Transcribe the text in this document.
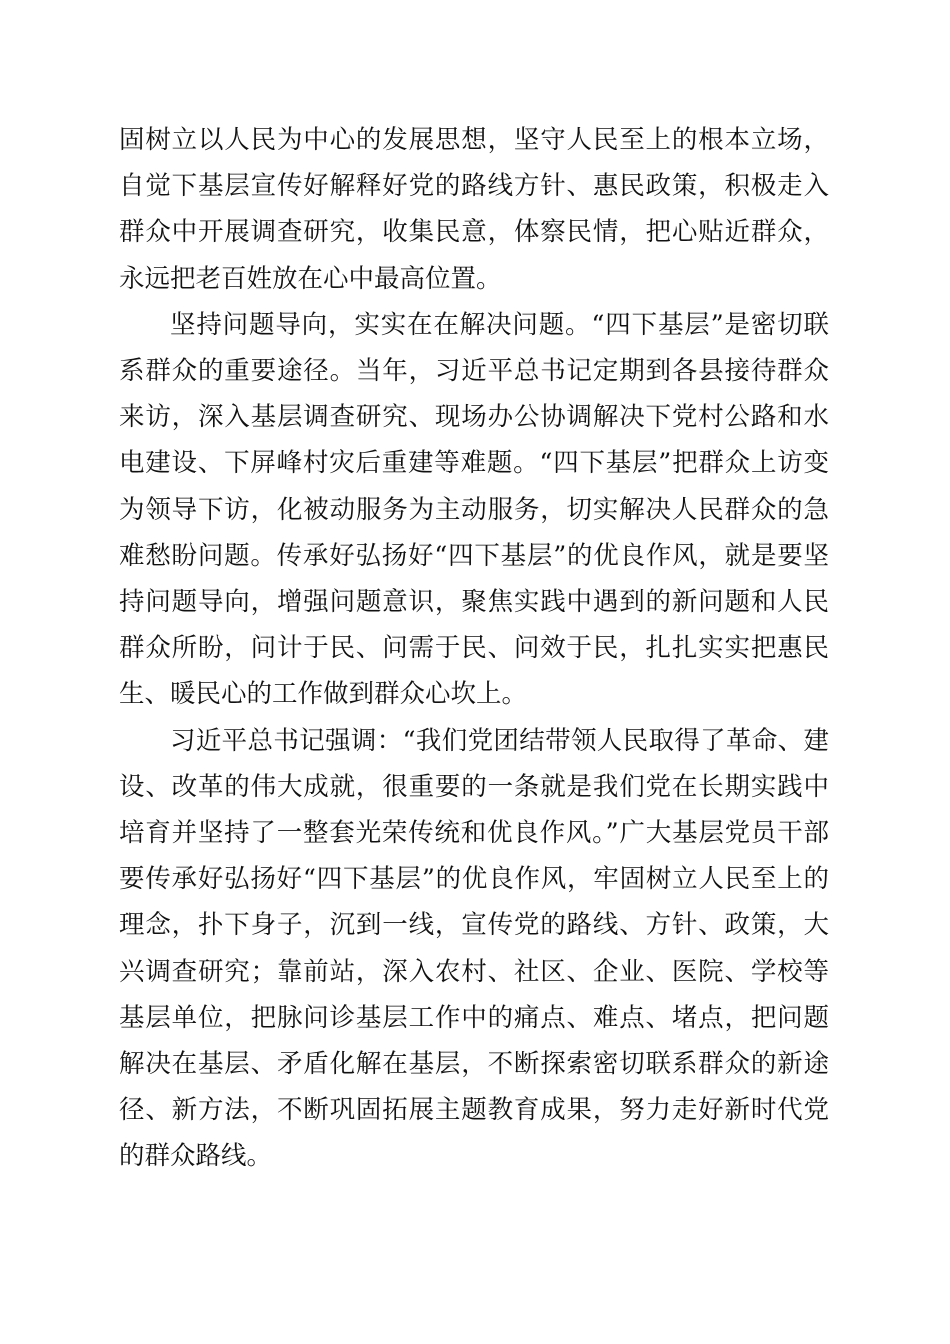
固树立以人民为中心的发展思想，坚守人民至上的根本立场，自觉下基层宣传好解释好党的路线方针、惠民政策，积极走入群众中开展调查研究，收集民意，体察民情，把心贴近群众，永远把老百姓放在心中最高位置。

坚持问题导向，实实在在解决问题。“四下基层”是密切联系群众的重要途径。当年，习近平总书记定期到各县接待群众来访，深入基层调查研究、现场办公协调解决下党村公路和水电建设、下屏峰村灾后重建等难题。“四下基层”把群众上访变为领导下访，化被动服务为主动服务，切实解决人民群众的急难愁盼问题。传承好弘扬好“四下基层”的优良作风，就是要坚持问题导向，增强问题意识，聚焦实践中遇到的新问题和人民群众所盼，问计于民、问需于民、问效于民，扎扎实实把惠民生、暖民心的工作做到群众心坎上。

习近平总书记强调：“我们党团结带领人民取得了革命、建设、改革的伟大成就，很重要的一条就是我们党在长期实践中培育并坚持了一整套光荣传统和优良作风。”广大基层党员干部要传承好弘扬好“四下基层”的优良作风，牢固树立人民至上的理念，扑下身子，沉到一线，宣传党的路线、方针、政策，大兴调查研究；靠前站，深入农村、社区、企业、医院、学校等基层单位，把脉问诊基层工作中的痛点、难点、堵点，把问题解决在基层、矛盾化解在基层，不断探索密切联系群众的新途径、新方法，不断巩固拓展主题教育成果，努力走好新时代党的群众路线。
